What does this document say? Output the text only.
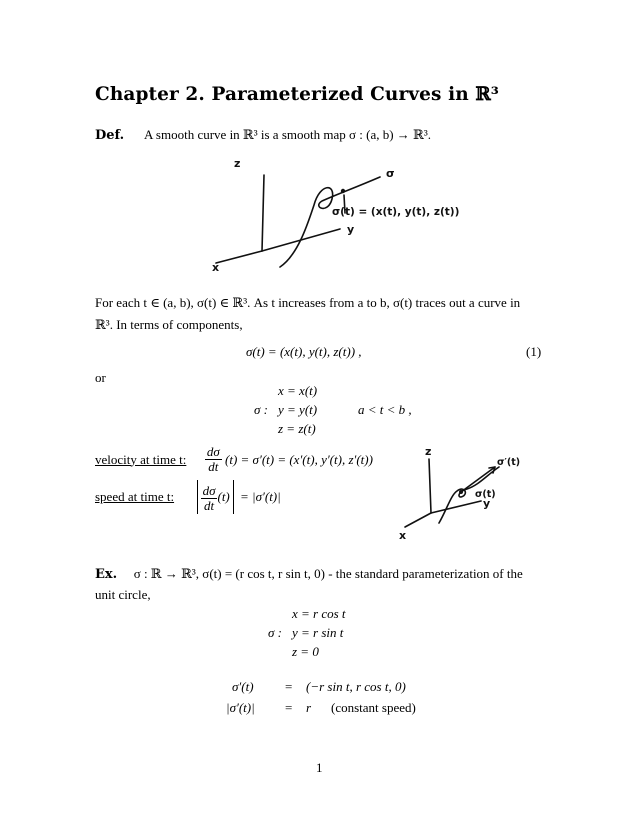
Chapter 2. Parameterized Curves in ℝ³
Def. A smooth curve in ℝ³ is a smooth map σ : (a, b) → ℝ³.
z
y
x
σ
σ(t) = (x(t), y(t), z(t))
For each t ∈ (a, b), σ(t) ∈ ℝ³. As t increases from a to b, σ(t) traces out a curve in
ℝ³. In terms of components,
σ(t) = (x(t), y(t), z(t)) ,	(1)
or
σ :
x = x(t)
y = y(t)
z = z(t)
a < t < b ,
velocity at time t: $\frac{d\sigma}{dt} (t) = \sigma'(t) = (x'(t)$, y′(t), z′(t))
speed at time t: $\frac{d\sigma}{dt} (t) = |\sigma'(t)|$
z
y
x
σ′(t)
σ(t)
Ex. σ : ℝ → ℝ³, σ(t) = (r cos t, r sin t, 0) - the standard parameterization of the
unit circle,
σ :
x = r cos t
y = r sin t
z = 0
σ′(t) = (−r sin t, r cos t, 0)
|σ′(t)| = r (constant speed)
1
